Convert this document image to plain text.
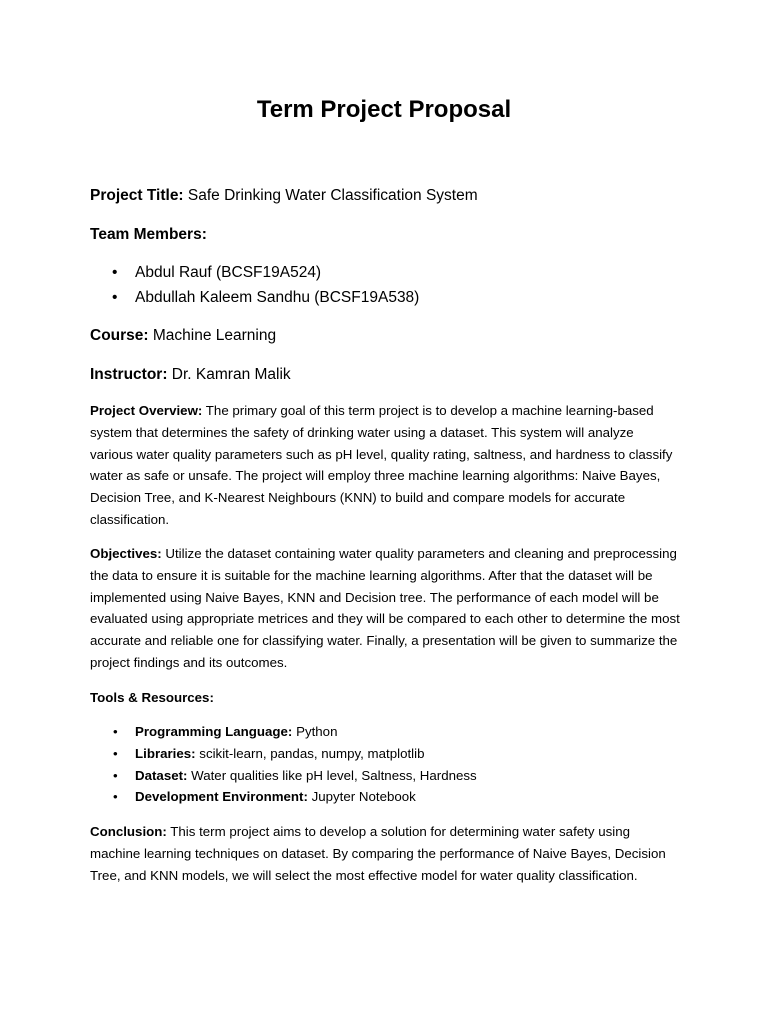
Term Project Proposal

Project Title: Safe Drinking Water Classification System

Team Members:

• Abdul Rauf (BCSF19A524)
• Abdullah Kaleem Sandhu (BCSF19A538)

Course: Machine Learning

Instructor: Dr. Kamran Malik

Project Overview: The primary goal of this term project is to develop a machine learning-based system that determines the safety of drinking water using a dataset. This system will analyze various water quality parameters such as pH level, quality rating, saltness, and hardness to classify water as safe or unsafe. The project will employ three machine learning algorithms: Naive Bayes, Decision Tree, and K-Nearest Neighbours (KNN) to build and compare models for accurate classification.

Objectives: Utilize the dataset containing water quality parameters and cleaning and preprocessing the data to ensure it is suitable for the machine learning algorithms. After that the dataset will be implemented using Naive Bayes, KNN and Decision tree. The performance of each model will be evaluated using appropriate metrices and they will be compared to each other to determine the most accurate and reliable one for classifying water. Finally, a presentation will be given to summarize the project findings and its outcomes.

Tools & Resources:

• Programming Language: Python
• Libraries: scikit-learn, pandas, numpy, matplotlib
• Dataset: Water qualities like pH level, Saltness, Hardness
• Development Environment: Jupyter Notebook

Conclusion: This term project aims to develop a solution for determining water safety using machine learning techniques on dataset. By comparing the performance of Naive Bayes, Decision Tree, and KNN models, we will select the most effective model for water quality classification.
